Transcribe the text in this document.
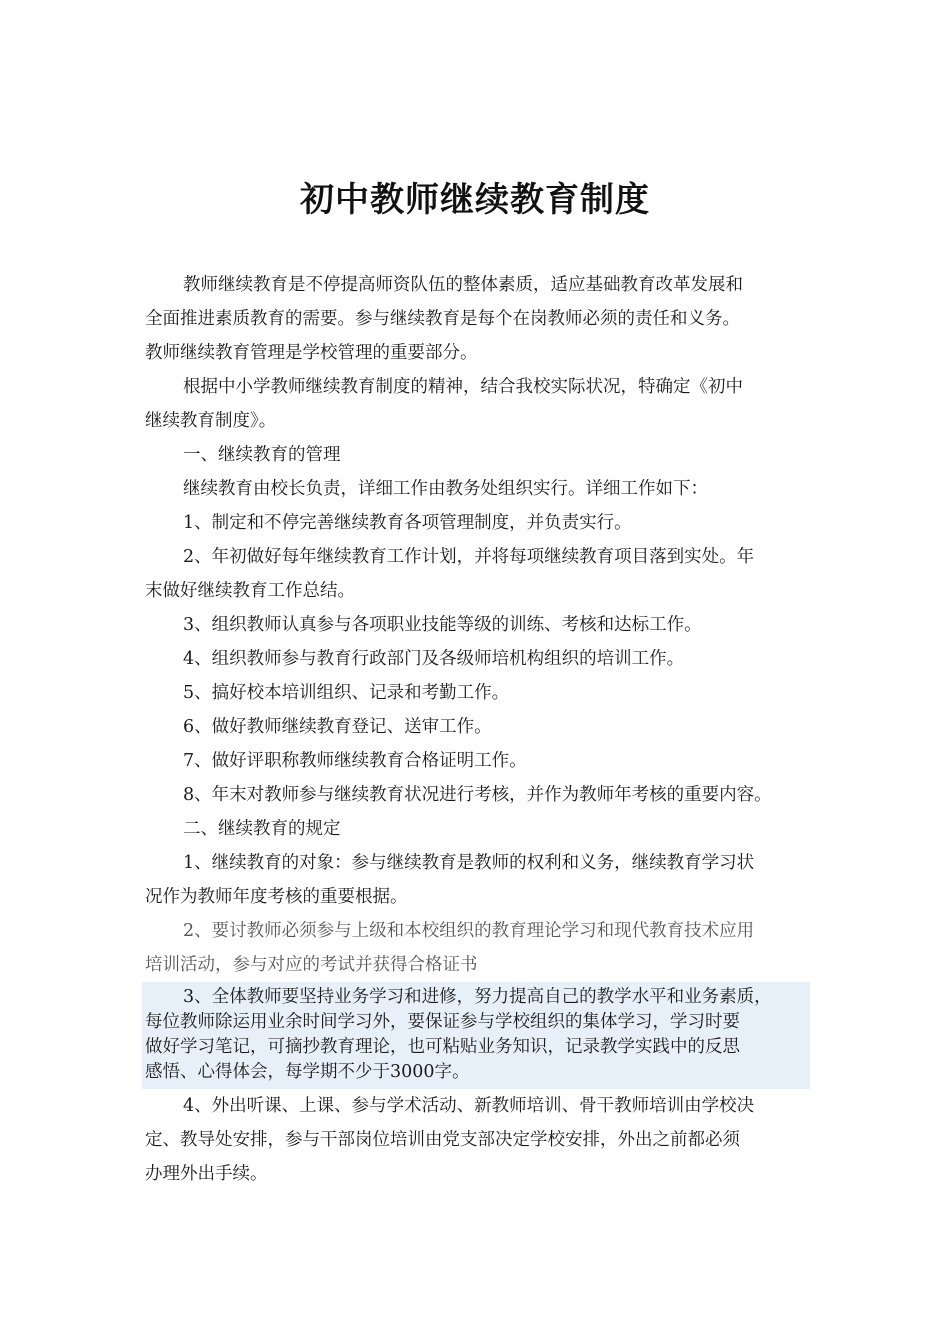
初中教师继续教育制度

教师继续教育是不停提高师资队伍的整体素质，适应基础教育改革发展和

全面推进素质教育的需要。参与继续教育是每个在岗教师必须的责任和义务。

教师继续教育管理是学校管理的重要部分。

根据中小学教师继续教育制度的精神，结合我校实际状况，特确定《初中

继续教育制度》。

一、继续教育的管理

继续教育由校长负责，详细工作由教务处组织实行。详细工作如下：

1、制定和不停完善继续教育各项管理制度，并负责实行。

2、年初做好每年继续教育工作计划，并将每项继续教育项目落到实处。年

末做好继续教育工作总结。

3、组织教师认真参与各项职业技能等级的训练、考核和达标工作。

4、组织教师参与教育行政部门及各级师培机构组织的培训工作。

5、搞好校本培训组织、记录和考勤工作。

6、做好教师继续教育登记、送审工作。

7、做好评职称教师继续教育合格证明工作。

8、年末对教师参与继续教育状况进行考核，并作为教师年考核的重要内容。

二、继续教育的规定

1、继续教育的对象：参与继续教育是教师的权利和义务，继续教育学习状

况作为教师年度考核的重要根据。

2、要讨教师必须参与上级和本校组织的教育理论学习和现代教育技术应用

培训活动，参与对应的考试并获得合格证书

3、全体教师要坚持业务学习和进修，努力提高自己的教学水平和业务素质，

每位教师除运用业余时间学习外，要保证参与学校组织的集体学习，学习时要

做好学习笔记，可摘抄教育理论，也可粘贴业务知识，记录教学实践中的反思

感悟、心得体会，每学期不少于3000字。

4、外出听课、上课、参与学术活动、新教师培训、骨干教师培训由学校决

定、教导处安排，参与干部岗位培训由党支部决定学校安排，外出之前都必须

办理外出手续。
